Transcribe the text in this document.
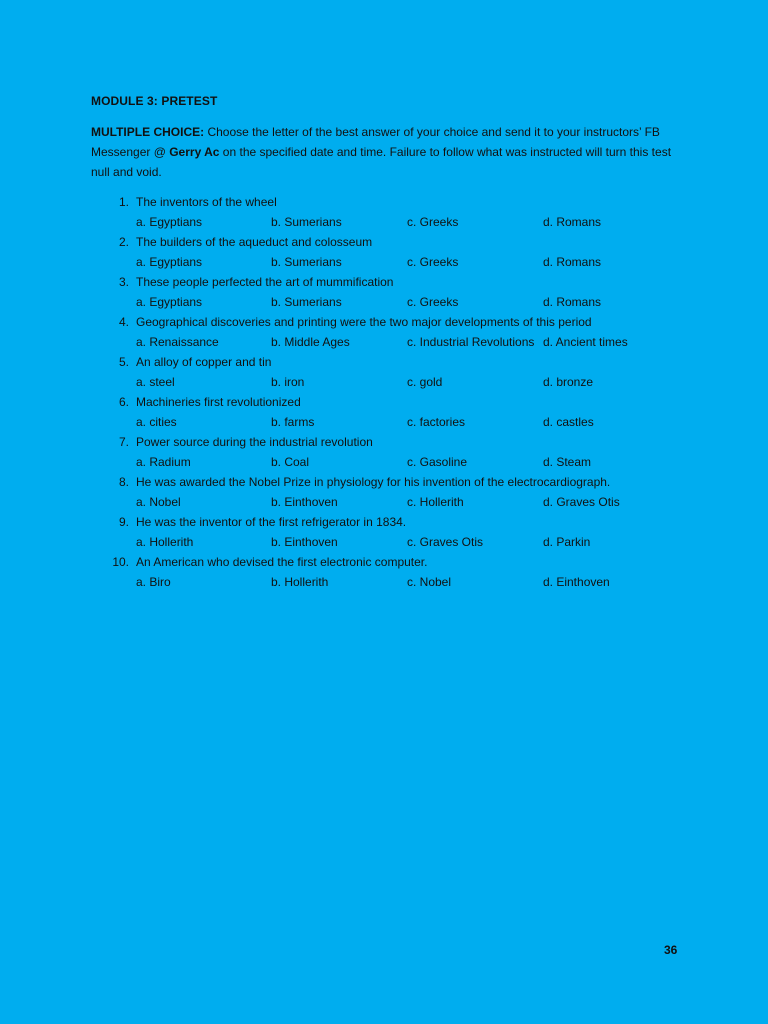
MODULE 3: PRETEST
MULTIPLE CHOICE: Choose the letter of the best answer of your choice and send it to your instructors’ FB Messenger @ Gerry Ac on the specified date and time. Failure to follow what was instructed will turn this test null and void.
1. The inventors of the wheel
a. Egyptians	b. Sumerians	c. Greeks	d. Romans
2. The builders of the aqueduct and colosseum
a. Egyptians	b. Sumerians	c. Greeks	d. Romans
3. These people perfected the art of mummification
a. Egyptians	b. Sumerians	c. Greeks	d. Romans
4. Geographical discoveries and printing were the two major developments of this period
a. Renaissance	b. Middle Ages	c. Industrial Revolutions d. Ancient times
5. An alloy of copper and tin
a. steel	b. iron	c. gold	d. bronze
6. Machineries first revolutionized
a. cities	b. farms	c. factories	d. castles
7. Power source during the industrial revolution
a. Radium	b. Coal	c. Gasoline	d. Steam
8. He was awarded the Nobel Prize in physiology for his invention of the electrocardiograph.
a. Nobel	b. Einthoven	c. Hollerith	d. Graves Otis
9. He was the inventor of the first refrigerator in 1834.
a. Hollerith	b. Einthoven	c. Graves Otis	d. Parkin
10. An American who devised the first electronic computer.
a. Biro	b. Hollerith	c. Nobel	d. Einthoven
36
